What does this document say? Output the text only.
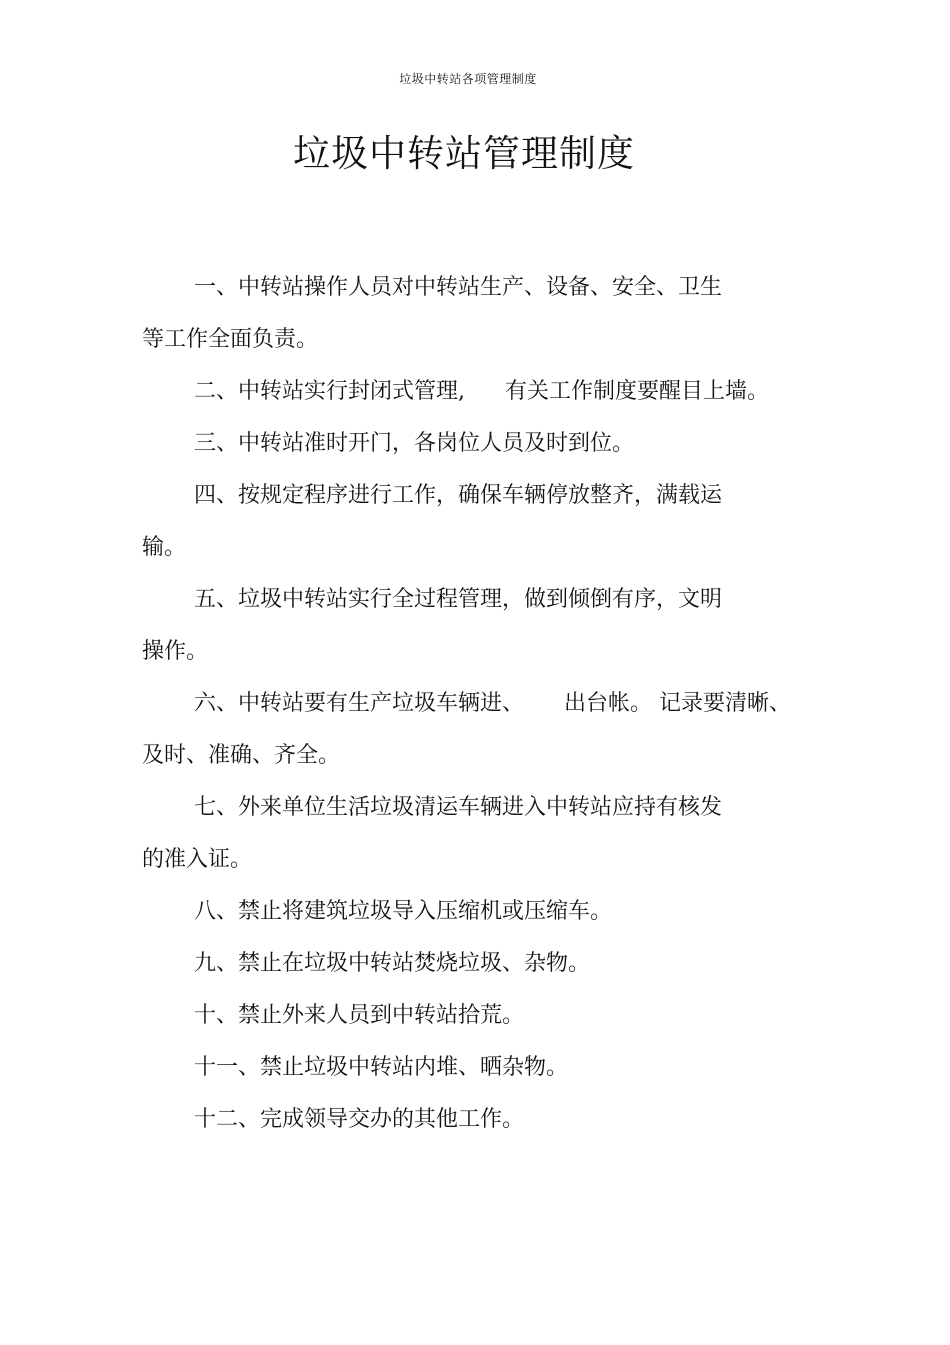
垃圾中转站各项管理制度
垃圾中转站管理制度

一、中转站操作人员对中转站生产、设备、安全、卫生

等工作全面负责。

二、中转站实行封闭式管理, 有关工作制度要醒目上墙。

三、中转站准时开门，各岗位人员及时到位。

四、按规定程序进行工作，确保车辆停放整齐，满载运

输。

五、垃圾中转站实行全过程管理，做到倾倒有序，文明

操作。

六、中转站要有生产垃圾车辆进、 出台帐。 记录要清晰、

及时、准确、齐全。

七、外来单位生活垃圾清运车辆进入中转站应持有核发

的准入证。

八、禁止将建筑垃圾导入压缩机或压缩车。

九、禁止在垃圾中转站焚烧垃圾、杂物。

十、禁止外来人员到中转站拾荒。

十一、禁止垃圾中转站内堆、晒杂物。

十二、完成领导交办的其他工作。
